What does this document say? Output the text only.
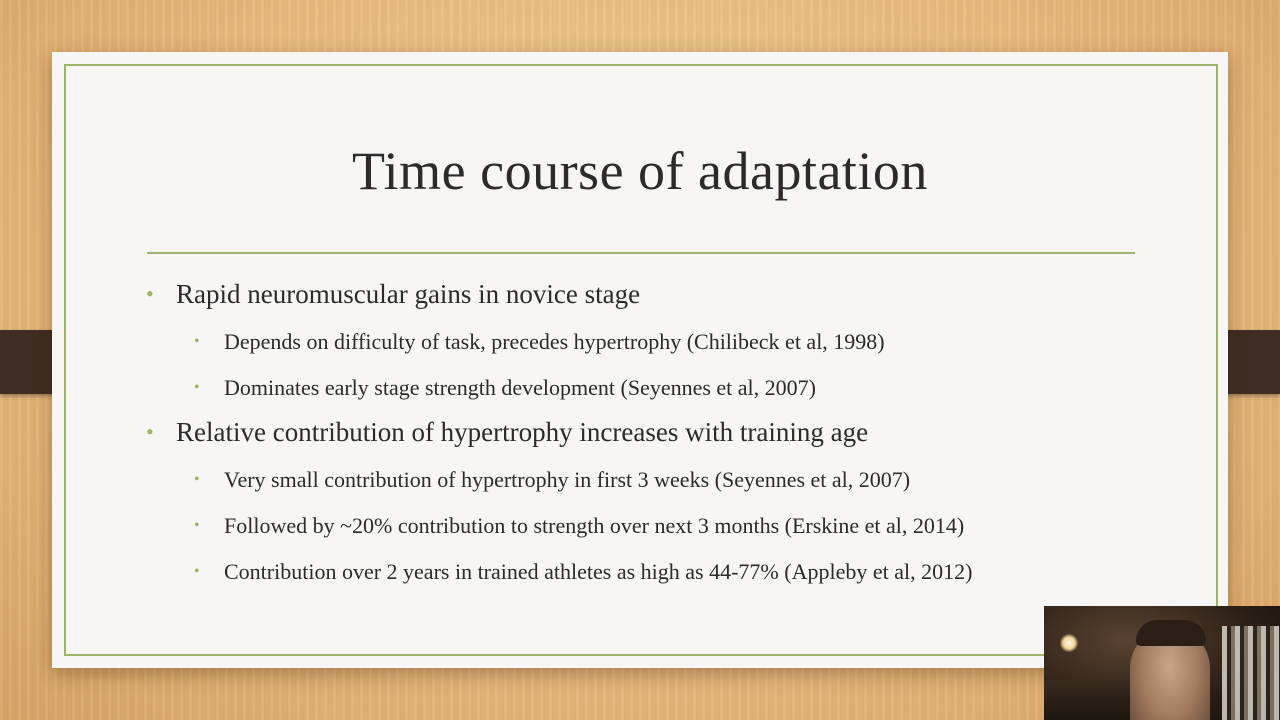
Time course of adaptation
• Rapid neuromuscular gains in novice stage
• Depends on difficulty of task, precedes hypertrophy (Chilibeck et al, 1998)
• Dominates early stage strength development (Seyennes et al, 2007)
• Relative contribution of hypertrophy increases with training age
• Very small contribution of hypertrophy in first 3 weeks (Seyennes et al, 2007)
• Followed by ~20% contribution to strength over next 3 months (Erskine et al, 2014)
• Contribution over 2 years in trained athletes as high as 44-77% (Appleby et al, 2012)
